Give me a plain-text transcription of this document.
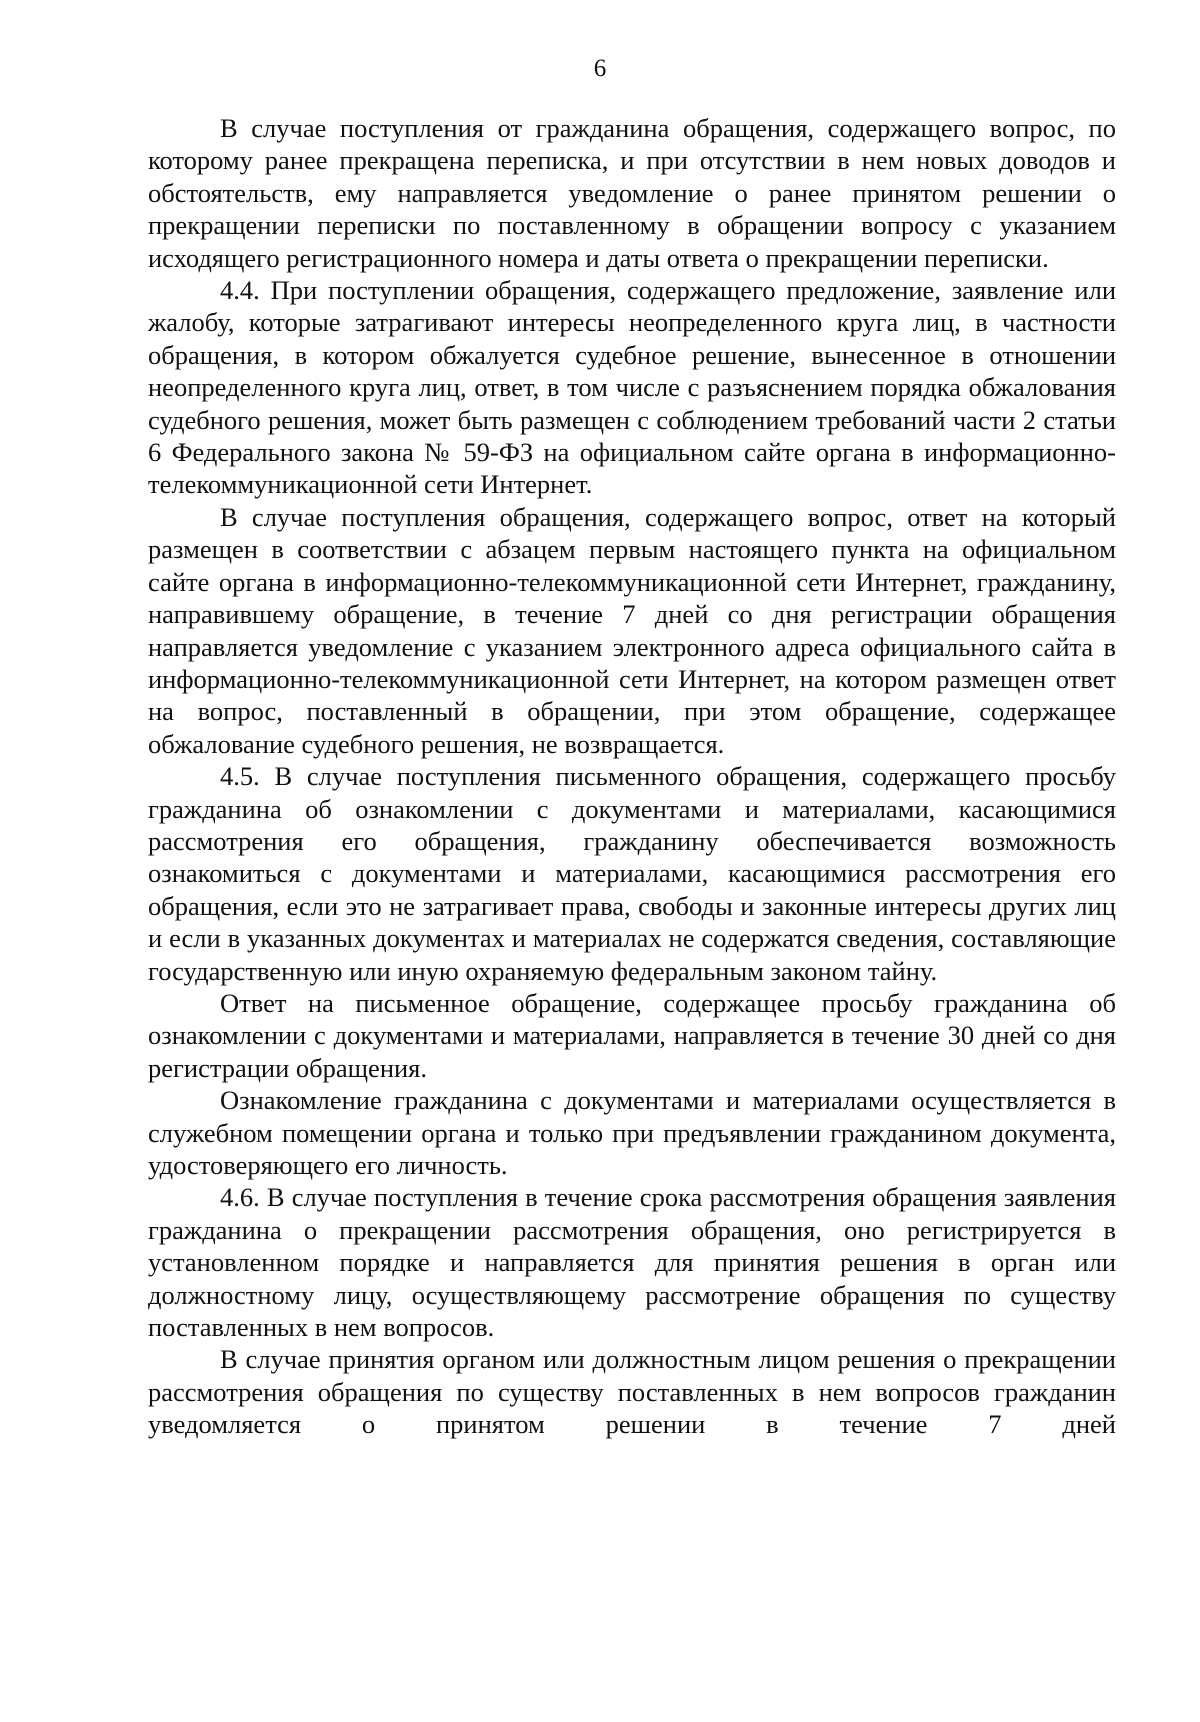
6

В случае поступления от гражданина обращения, содержащего вопрос, по которому ранее прекращена переписка, и при отсутствии в нем новых доводов и обстоятельств, ему направляется уведомление о ранее принятом решении о прекращении переписки по поставленному в обращении вопросу с указанием исходящего регистрационного номера и даты ответа о прекращении переписки.

4.4. При поступлении обращения, содержащего предложение, заявление или жалобу, которые затрагивают интересы неопределенного круга лиц, в частности обращения, в котором обжалуется судебное решение, вынесенное в отношении неопределенного круга лиц, ответ, в том числе с разъяснением порядка обжалования судебного решения, может быть размещен с соблюдением требований части 2 статьи 6 Федерального закона № 59-ФЗ на официальном сайте органа в информационно-телекоммуникационной сети Интернет.

В случае поступления обращения, содержащего вопрос, ответ на который размещен в соответствии с абзацем первым настоящего пункта на официальном сайте органа в информационно-телекоммуникационной сети Интернет, гражданину, направившему обращение, в течение 7 дней со дня регистрации обращения направляется уведомление с указанием электронного адреса официального сайта в информационно-телекоммуникационной сети Интернет, на котором размещен ответ на вопрос, поставленный в обращении, при этом обращение, содержащее обжалование судебного решения, не возвращается.

4.5. В случае поступления письменного обращения, содержащего просьбу гражданина об ознакомлении с документами и материалами, касающимися рассмотрения его обращения, гражданину обеспечивается возможность ознакомиться с документами и материалами, касающимися рассмотрения его обращения, если это не затрагивает права, свободы и законные интересы других лиц и если в указанных документах и материалах не содержатся сведения, составляющие государственную или иную охраняемую федеральным законом тайну.

Ответ на письменное обращение, содержащее просьбу гражданина об ознакомлении с документами и материалами, направляется в течение 30 дней со дня регистрации обращения.

Ознакомление гражданина с документами и материалами осуществляется в служебном помещении органа и только при предъявлении гражданином документа, удостоверяющего его личность.

4.6. В случае поступления в течение срока рассмотрения обращения заявления гражданина о прекращении рассмотрения обращения, оно регистрируется в установленном порядке и направляется для принятия решения в орган или должностному лицу, осуществляющему рассмотрение обращения по существу поставленных в нем вопросов.

В случае принятия органом или должностным лицом решения о прекращении рассмотрения обращения по существу поставленных в нем вопросов гражданин уведомляется о принятом решении в течение 7 дней
